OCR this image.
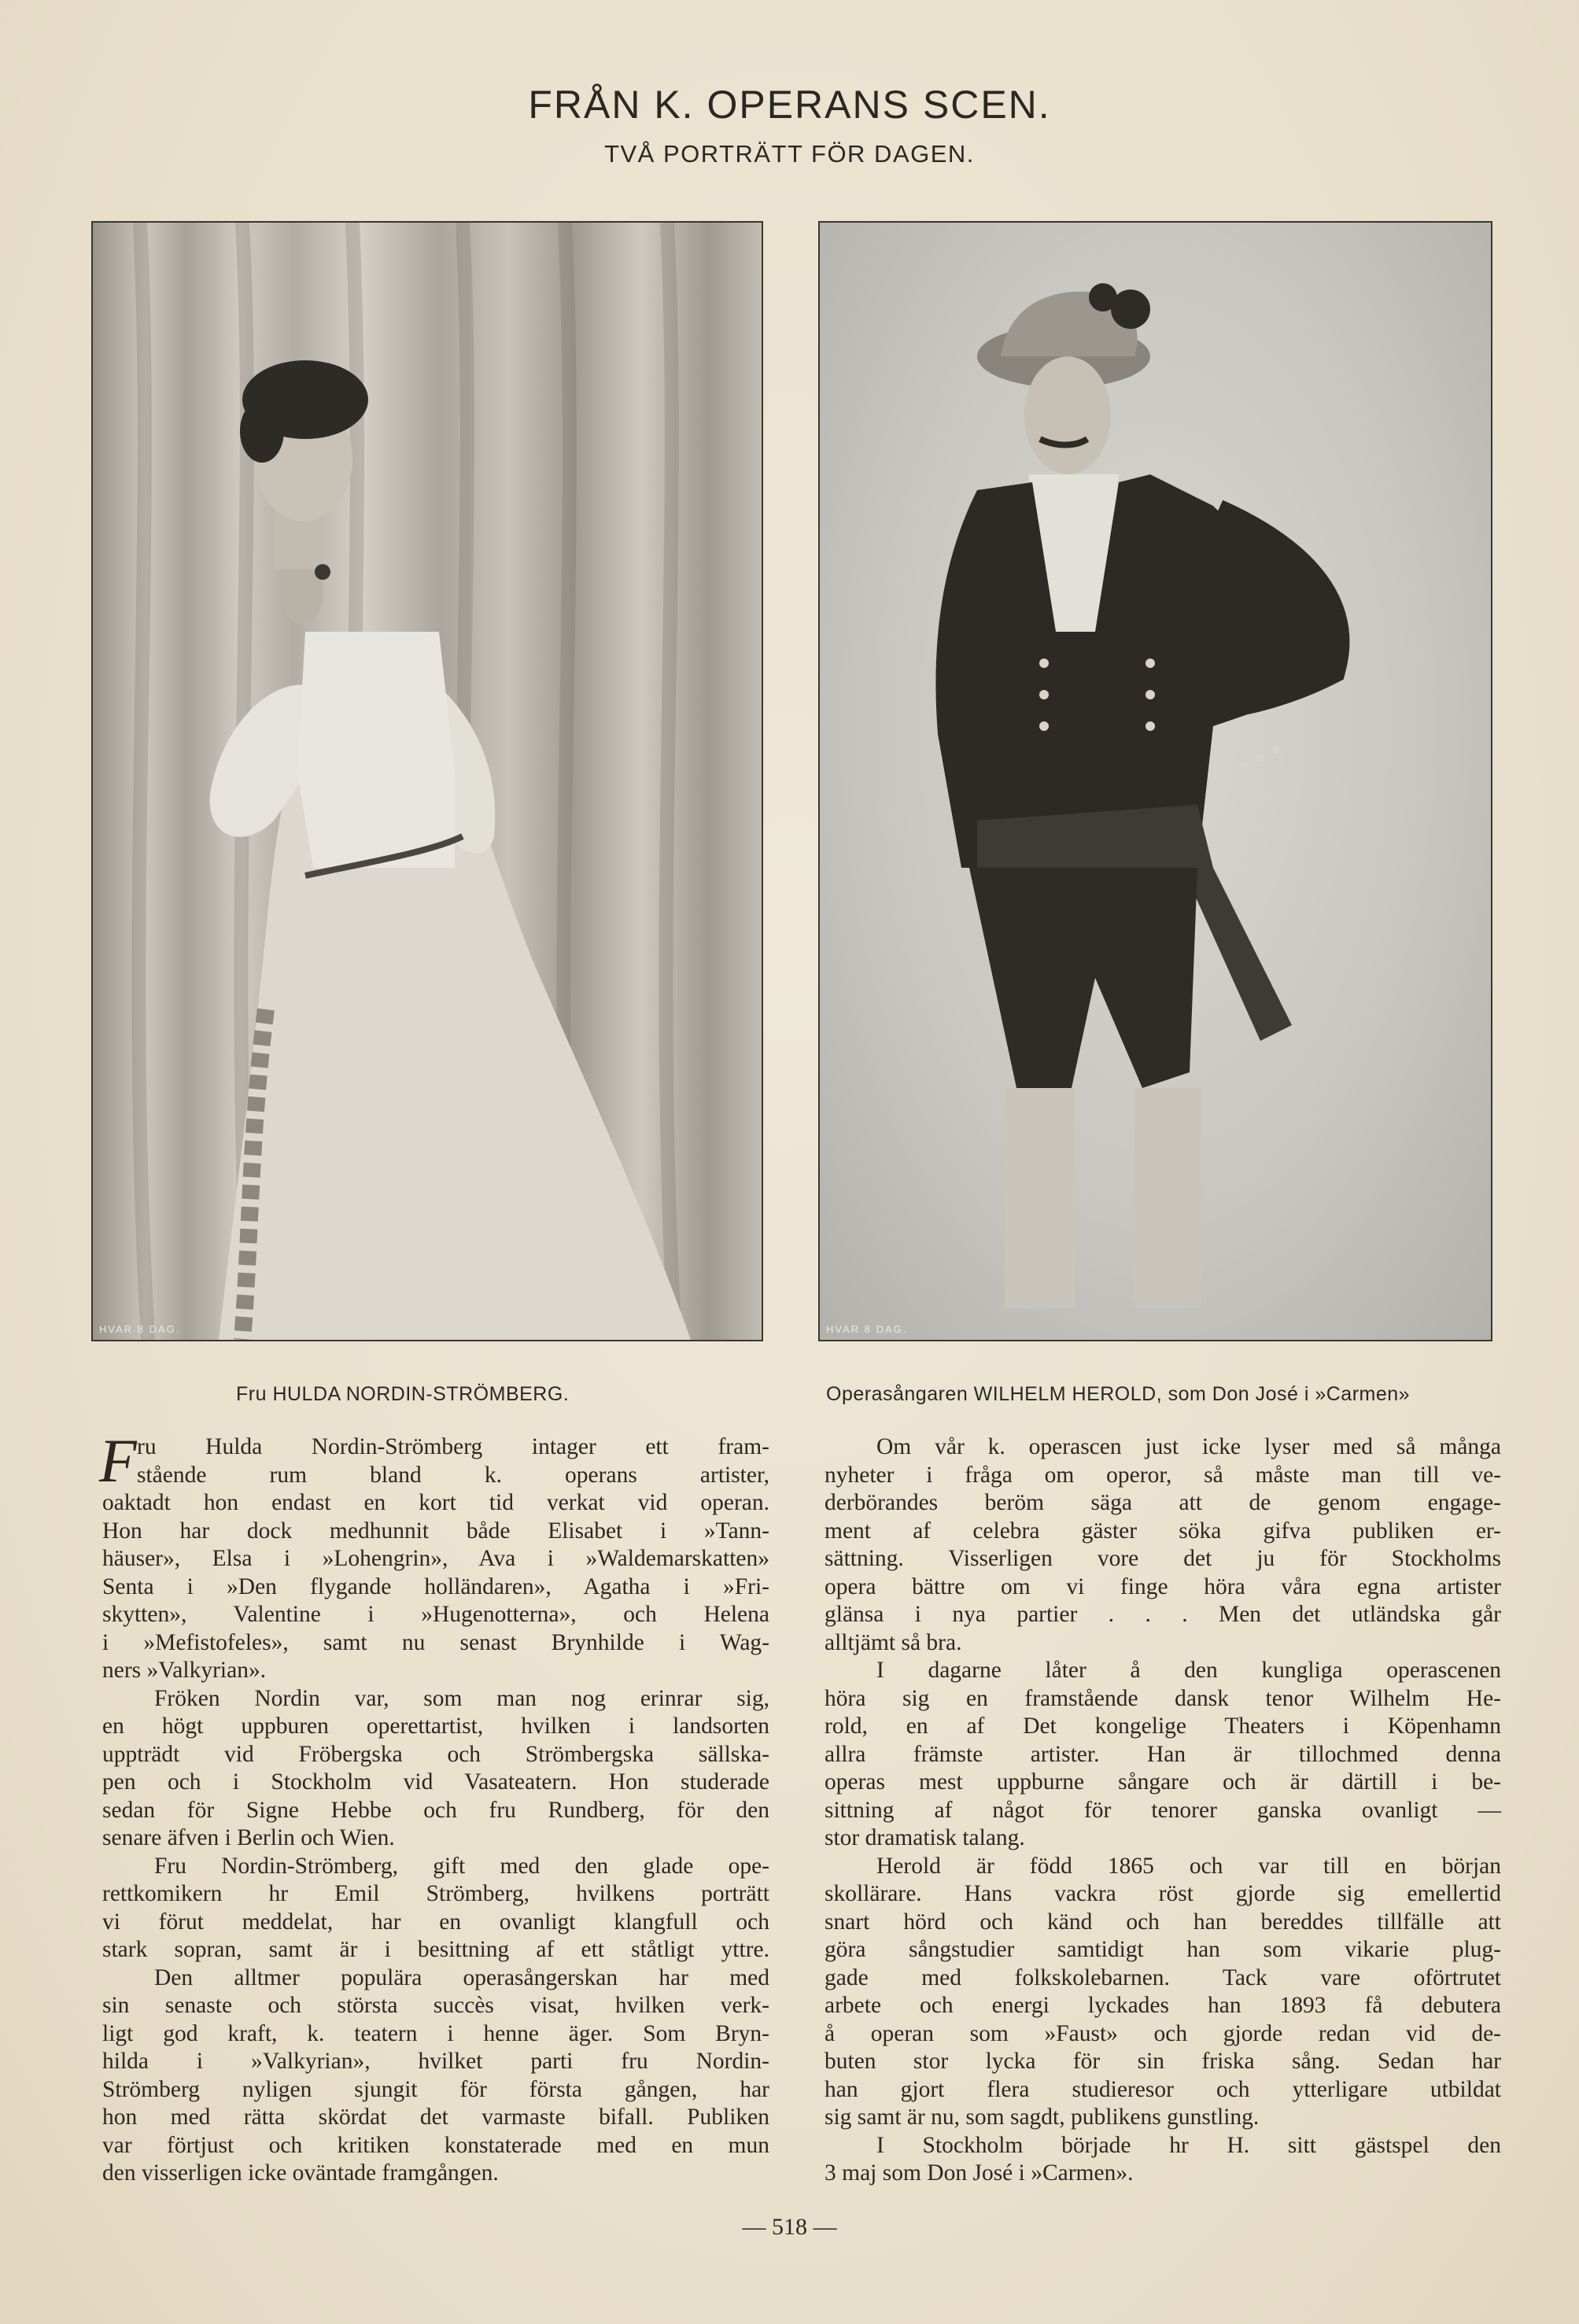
FRÅN K. OPERANS SCEN.
TVÅ PORTRÄTT FÖR DAGEN.
HVAR 8 DAG.	HVAR 8 DAG.
Fru HULDA NORDIN-STRÖMBERG.	Operasångaren WILHELM HEROLD, som Don José i »Carmen»
F ru Hulda Nordin-Strömberg intager ett fram-
stående rum bland k. operans artister,
oaktadt hon endast en kort tid verkat vid operan.
Hon har dock medhunnit både Elisabet i »Tann-
häuser», Elsa i »Lohengrin», Ava i »Waldemarskatten»
Senta i »Den flygande holländaren», Agatha i »Fri-
skytten», Valentine i »Hugenotterna», och Helena
i »Mefistofeles», samt nu senast Brynhilde i Wag-
ners »Valkyrian».
Fröken Nordin var, som man nog erinrar sig,
en högt uppburen operettartist, hvilken i landsorten
uppträdt vid Fröbergska och Strömbergska sällska-
pen och i Stockholm vid Vasateatern. Hon studerade
sedan för Signe Hebbe och fru Rundberg, för den
senare äfven i Berlin och Wien.
Fru Nordin-Strömberg, gift med den glade ope-
rettkomikern hr Emil Strömberg, hvilkens porträtt
vi förut meddelat, har en ovanligt klangfull och
stark sopran, samt är i besittning af ett ståtligt yttre.
Den alltmer populära operasångerskan har med
sin senaste och största succès visat, hvilken verk-
ligt god kraft, k. teatern i henne äger. Som Bryn-
hilda i »Valkyrian», hvilket parti fru Nordin-
Strömberg nyligen sjungit för första gången, har
hon med rätta skördat det varmaste bifall. Publiken
var förtjust och kritiken konstaterade med en mun
den visserligen icke oväntade framgången.
Om vår k. operascen just icke lyser med så många
nyheter i fråga om operor, så måste man till ve-
derbörandes beröm säga att de genom engage-
ment af celebra gäster söka gifva publiken er-
sättning. Visserligen vore det ju för Stockholms
opera bättre om vi finge höra våra egna artister
glänsa i nya partier . . . Men det utländska går
alltjämt så bra.
I dagarne låter å den kungliga operascenen
höra sig en framstående dansk tenor Wilhelm He-
rold, en af Det kongelige Theaters i Köpenhamn
allra främste artister. Han är tillochmed denna
operas mest uppburne sångare och är därtill i be-
sittning af något för tenorer ganska ovanligt —
stor dramatisk talang.
Herold är född 1865 och var till en början
skollärare. Hans vackra röst gjorde sig emellertid
snart hörd och känd och han bereddes tillfälle att
göra sångstudier samtidigt han som vikarie plug-
gade med folkskolebarnen. Tack vare oförtrutet
arbete och energi lyckades han 1893 få debutera
å operan som »Faust» och gjorde redan vid de-
buten stor lycka för sin friska sång. Sedan har
han gjort flera studieresor och ytterligare utbildat
sig samt är nu, som sagdt, publikens gunstling.
I Stockholm började hr H. sitt gästspel den
3 maj som Don José i »Carmen».
— 518 —
